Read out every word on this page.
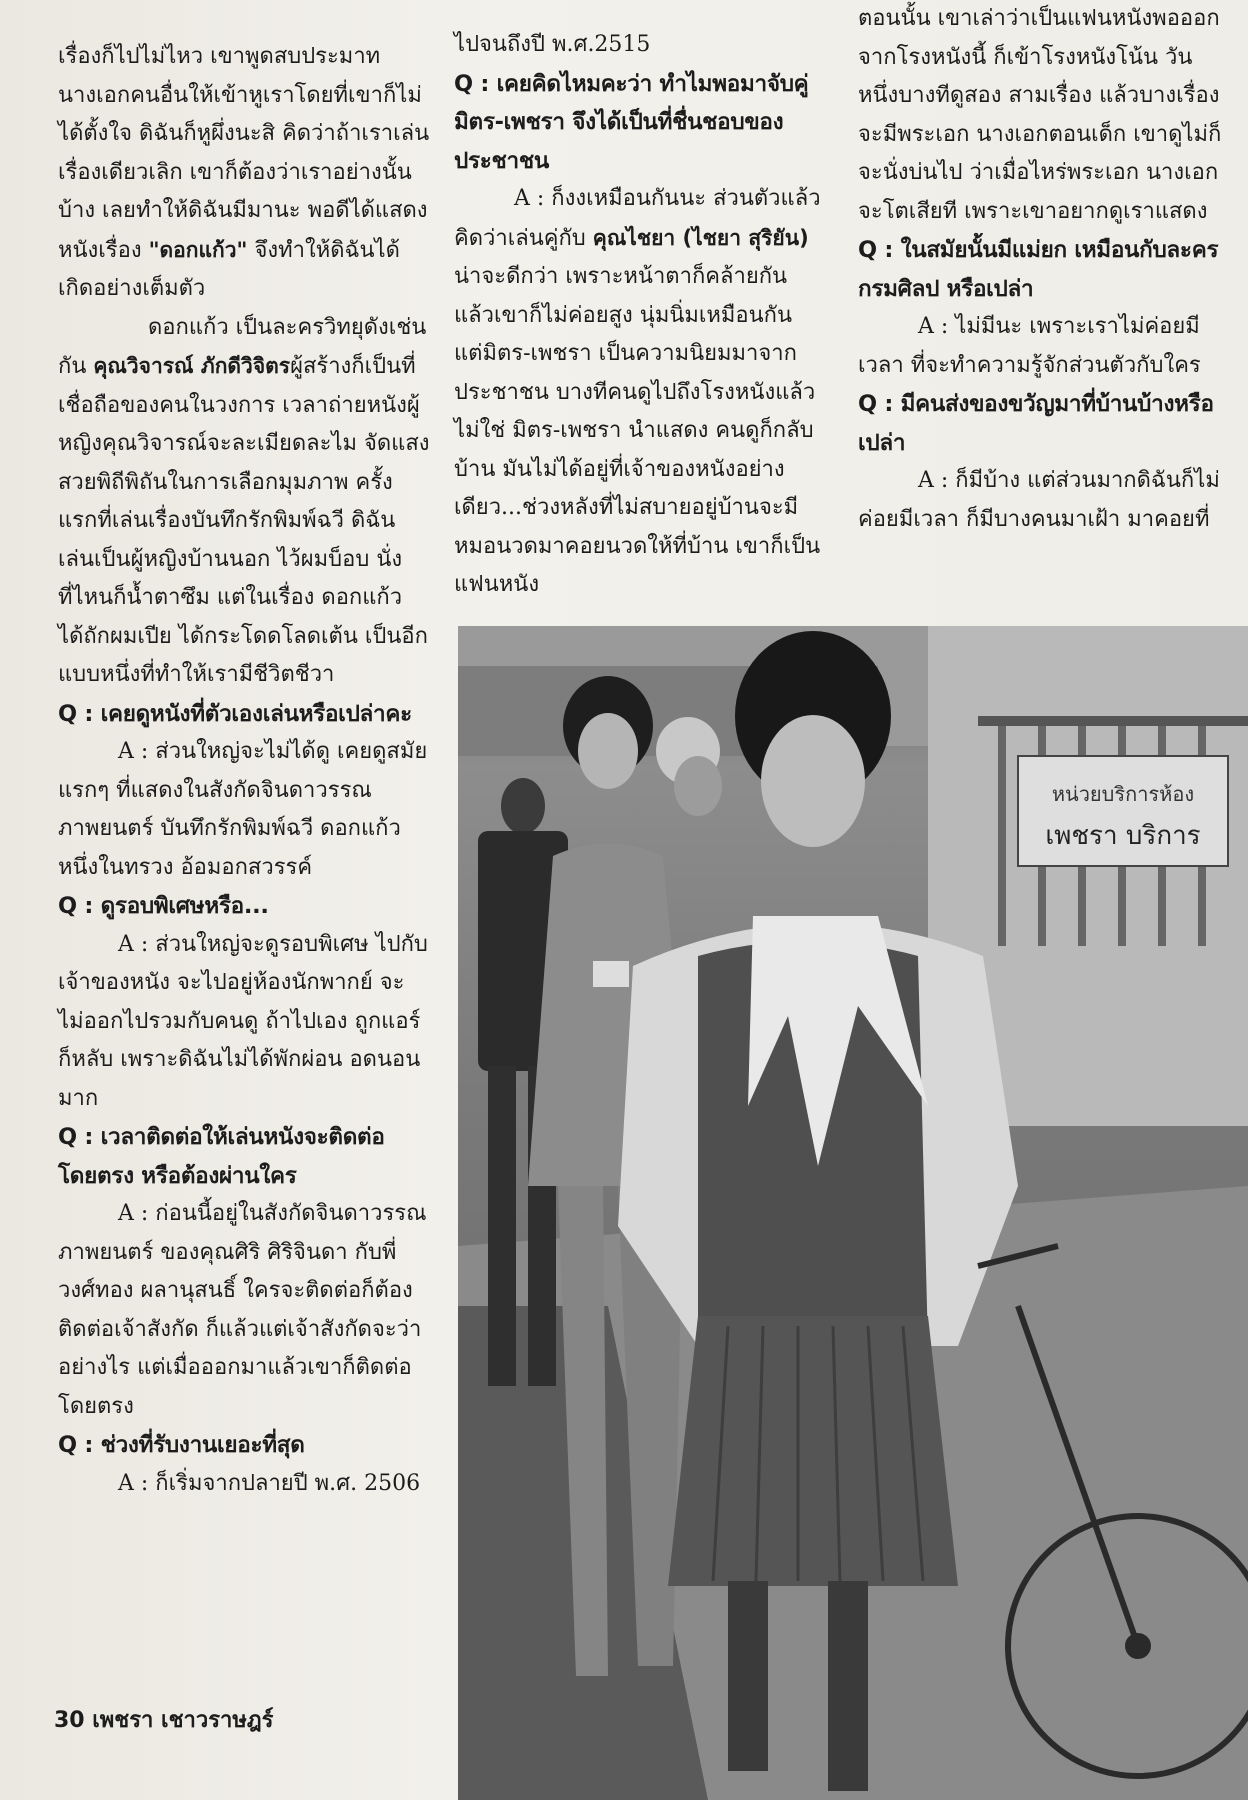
เรื่องก็ไปไม่ไหว เขาพูดสบประมาทนางเอกคนอื่นให้เข้าหูเราโดยที่เขาก็ไม่ได้ตั้งใจ ดิฉันก็หูผึ่งนะสิ คิดว่าถ้าเราเล่นเรื่องเดียวเลิก เขาก็ต้องว่าเราอย่างนั้นบ้าง เลยทำให้ดิฉันมีมานะ พอดีได้แสดงหนังเรื่อง "ดอกแก้ว" จึงทำให้ดิฉันได้เกิดอย่างเต็มตัว

ดอกแก้ว เป็นละครวิทยุดังเช่นกัน คุณวิจารณ์ ภักดีวิจิตรผู้สร้างก็เป็นที่เชื่อถือของคนในวงการ เวลาถ่ายหนังผู้หญิงคุณวิจารณ์จะละเมียดละไม จัดแสงสวยพิถีพิถันในการเลือกมุมภาพ ครั้งแรกที่เล่นเรื่องบันทึกรักพิมพ์ฉวี ดิฉันเล่นเป็นผู้หญิงบ้านนอก ไว้ผมบ็อบ นั่งที่ไหนก็น้ำตาซึม แต่ในเรื่อง ดอกแก้ว ได้ถักผมเปีย ได้กระโดดโลดเต้น เป็นอีกแบบหนึ่งที่ทำให้เรามีชีวิตชีวา

Q : เคยดูหนังที่ตัวเองเล่นหรือเปล่าคะ

A : ส่วนใหญ่จะไม่ได้ดู เคยดูสมัยแรกๆ ที่แสดงในสังกัดจินดาวรรณภาพยนตร์ บันทึกรักพิมพ์ฉวี ดอกแก้ว หนึ่งในทรวง อ้อมอกสวรรค์

Q : ดูรอบพิเศษหรือ...

A : ส่วนใหญ่จะดูรอบพิเศษ ไปกับเจ้าของหนัง จะไปอยู่ห้องนักพากย์ จะไม่ออกไปรวมกับคนดู ถ้าไปเอง ถูกแอร์ ก็หลับ เพราะดิฉันไม่ได้พักผ่อน อดนอนมาก

Q : เวลาติดต่อให้เล่นหนังจะติดต่อโดยตรง หรือต้องผ่านใคร

A : ก่อนนี้อยู่ในสังกัดจินดาวรรณภาพยนตร์ ของคุณศิริ ศิริจินดา กับพี่วงศ์ทอง ผลานุสนธิ์ ใครจะติดต่อก็ต้องติดต่อเจ้าสังกัด ก็แล้วแต่เจ้าสังกัดจะว่าอย่างไร แต่เมื่อออกมาแล้วเขาก็ติดต่อโดยตรง

Q : ช่วงที่รับงานเยอะที่สุด

A : ก็เริ่มจากปลายปี พ.ศ. 2506

ไปจนถึงปี พ.ศ.2515

Q : เคยคิดไหมคะว่า ทำไมพอมาจับคู่ มิตร-เพชรา จึงได้เป็นที่ชื่นชอบของประชาชน

A : ก็งงเหมือนกันนะ ส่วนตัวแล้วคิดว่าเล่นคู่กับ คุณไชยา (ไชยา สุริยัน) น่าจะดีกว่า เพราะหน้าตาก็คล้ายกัน แล้วเขาก็ไม่ค่อยสูง นุ่มนิ่มเหมือนกัน แต่มิตร-เพชรา เป็นความนิยมมาจากประชาชน บางทีคนดูไปถึงโรงหนังแล้วไม่ใช่ มิตร-เพชรา นำแสดง คนดูก็กลับบ้าน มันไม่ได้อยู่ที่เจ้าของหนังอย่างเดียว...ช่วงหลังที่ไม่สบายอยู่บ้านจะมีหมอนวดมาคอยนวดให้ที่บ้าน เขาก็เป็นแฟนหนัง

ตอนนั้น เขาเล่าว่าเป็นแฟนหนังพอออกจากโรงหนังนี้ ก็เข้าโรงหนังโน้น วันหนึ่งบางทีดูสอง สามเรื่อง แล้วบางเรื่องจะมีพระเอก นางเอกตอนเด็ก เขาดูไม่ก็จะนั่งบ่นไป ว่าเมื่อไหร่พระเอก นางเอกจะโตเสียที เพราะเขาอยากดูเราแสดง

Q : ในสมัยนั้นมีแม่ยก เหมือนกับละครกรมศิลป หรือเปล่า

A : ไม่มีนะ เพราะเราไม่ค่อยมีเวลา ที่จะทำความรู้จักส่วนตัวกับใคร

Q : มีคนส่งของขวัญมาที่บ้านบ้างหรือเปล่า

A : ก็มีบ้าง แต่ส่วนมากดิฉันก็ไม่ค่อยมีเวลา ก็มีบางคนมาเฝ้า มาคอยที่

หน่วยบริการห้อง
เพชรา บริการ
30 เพชรา เชาวราษฎร์
